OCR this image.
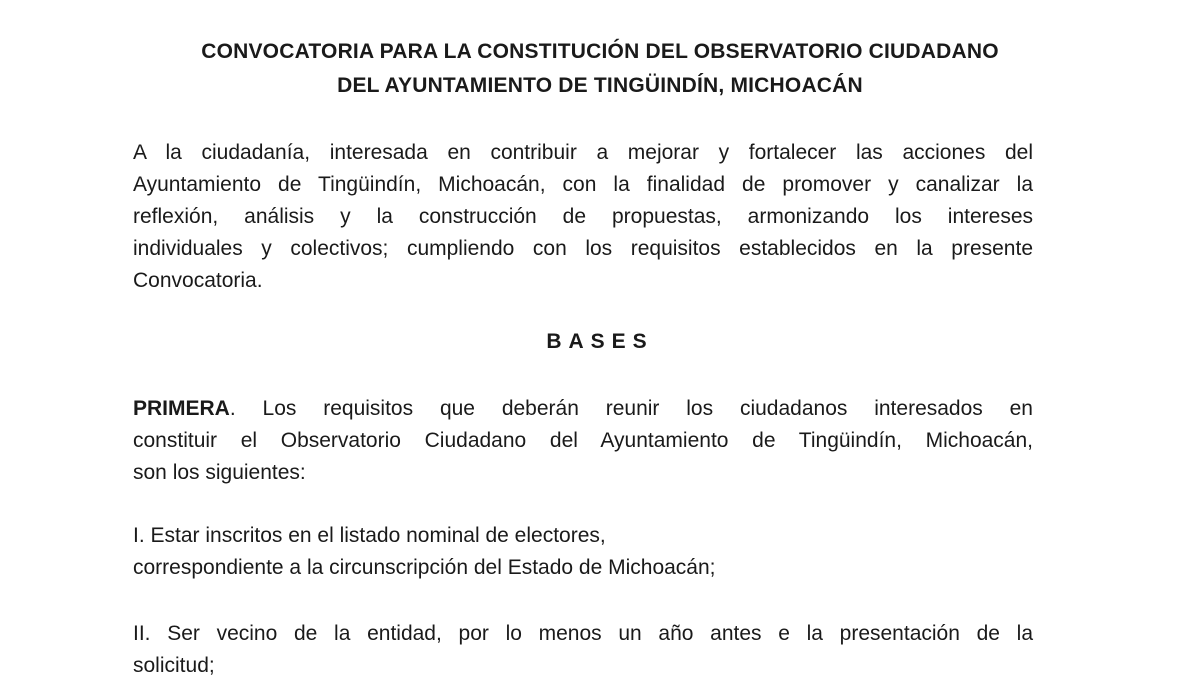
CONVOCATORIA PARA LA CONSTITUCIÓN DEL OBSERVATORIO CIUDADANO
DEL AYUNTAMIENTO DE TINGÜINDÍN, MICHOACÁN
A la ciudadanía, interesada en contribuir a mejorar y fortalecer las acciones del
Ayuntamiento de Tingüindín, Michoacán, con la finalidad de promover y canalizar la
reflexión, análisis y la construcción de propuestas, armonizando los intereses
individuales y colectivos; cumpliendo con los requisitos establecidos en la presente
Convocatoria.
BASES
PRIMERA. Los requisitos que deberán reunir los ciudadanos interesados en
constituir el Observatorio Ciudadano del Ayuntamiento de Tingüindín, Michoacán,
son los siguientes:
I. Estar inscritos en el listado nominal de electores,
correspondiente a la circunscripción del Estado de Michoacán;
II. Ser vecino de la entidad, por lo menos un año antes e la presentación de la
solicitud;
